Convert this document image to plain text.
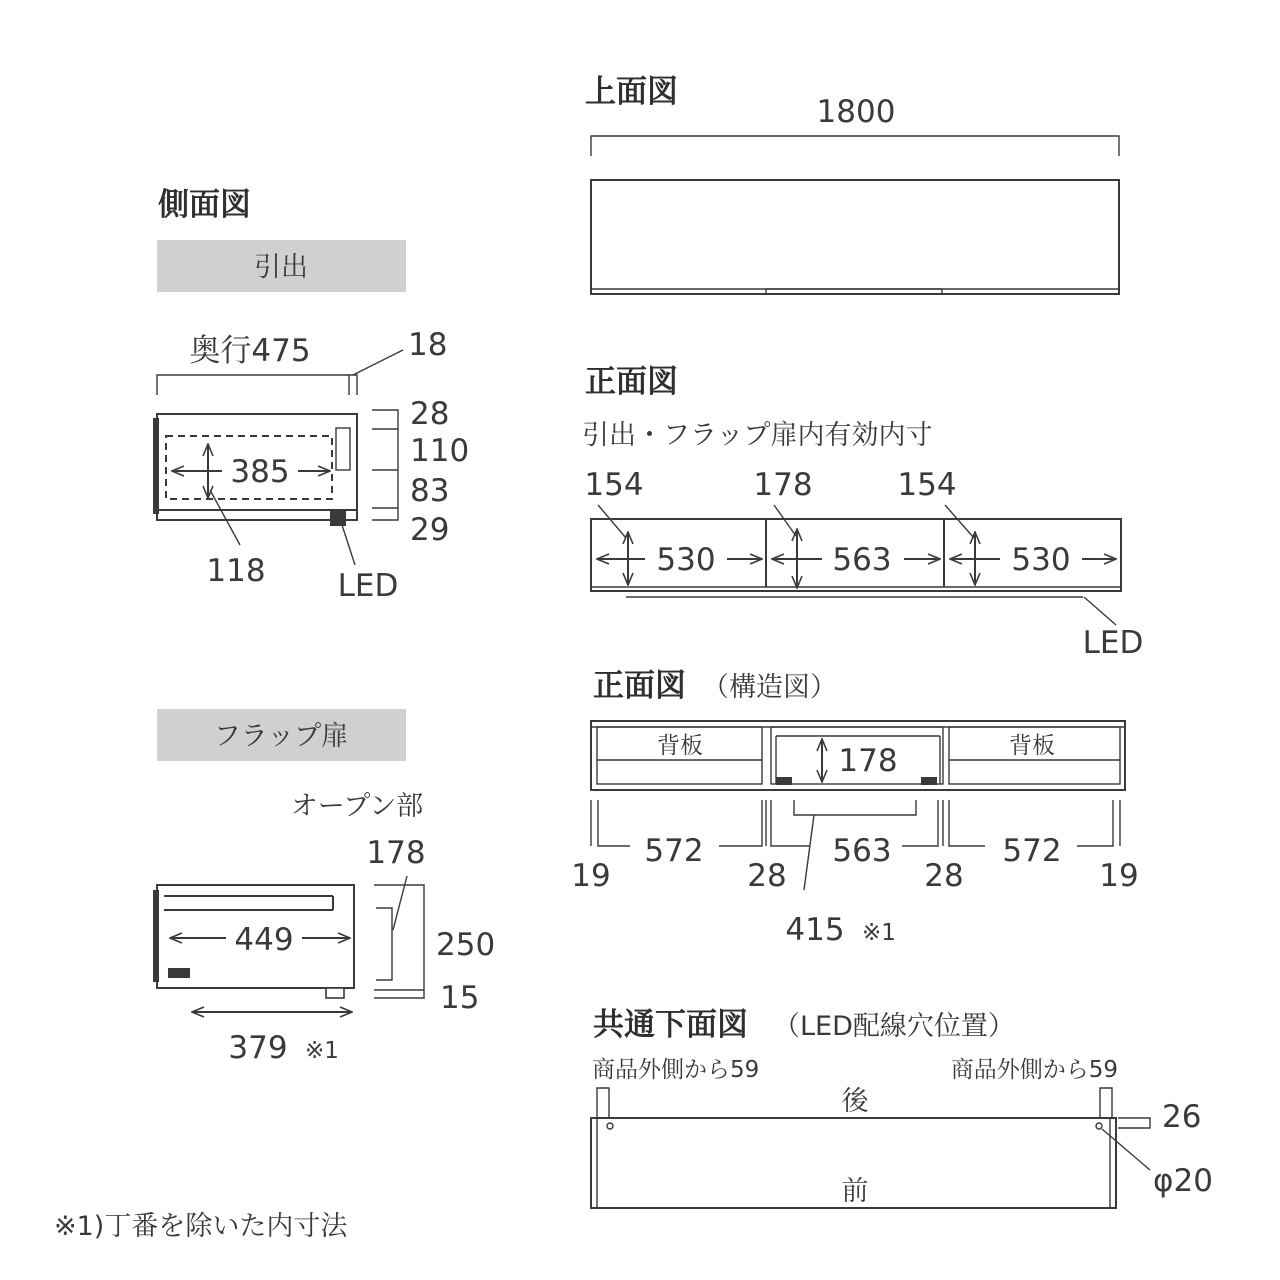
側面図
引出
奥行475	18
385
118 LED
28
110
83
29
フラップ扉
オープン部
178
449
379 ※1
250
15
上面図
1800
正面図
引出・フラップ扉内有効内寸
154	178	154
530	563	530
LED
正面図 （構造図）
背板	背板
178
572	563	572
19	28	28	19
415 ※1
共通下面図 （LED配線穴位置）
商品外側から59	商品外側から59
後	26
φ20
前
※1)丁番を除いた内寸法
